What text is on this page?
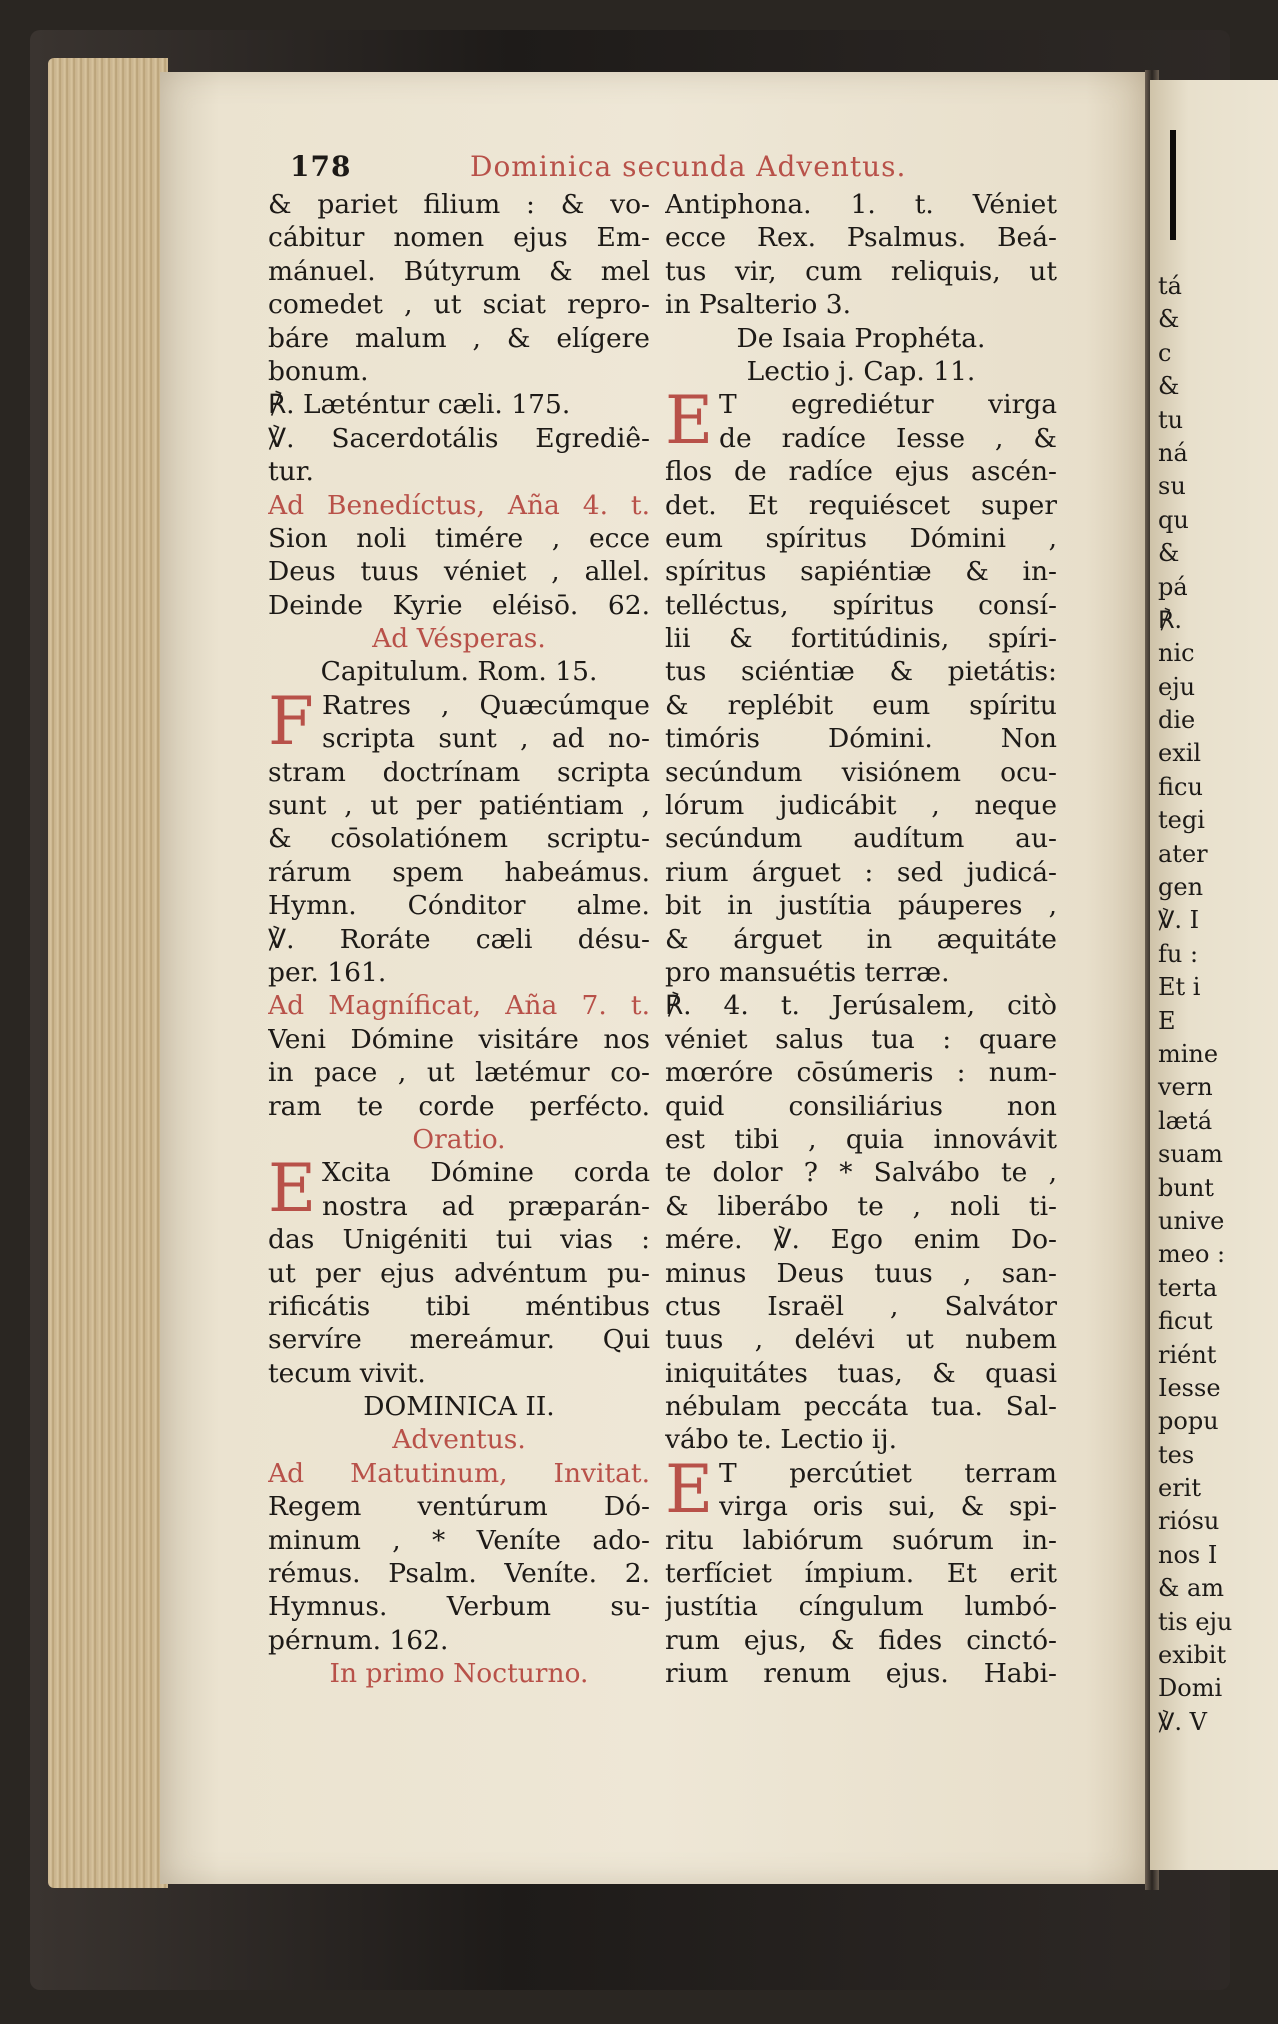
tá
&
c
&
tu
ná
su
qu
&
pá
℟.
nic
eju
die
exil
ficu
tegi
ater
gen
℣. I
fu :
Et i
E
mine
vern
lætá
suam
bunt
unive
meo :
terta
ficut
riént
Iesse
popu
tes
erit
riósu
nos I
& am
tis eju
exibit
Domi
℣. V
178	Dominica secunda Adventus.
& pariet filium : & vo-
cábitur nomen ejus Em-
mánuel. Bútyrum & mel
comedet , ut sciat repro-
báre malum , & elígere
bonum.
℟. Læténtur cæli. 175.
℣. Sacerdotális Egrediê-
tur.
Ad Benedíctus, Aña 4. t.
Sion noli timére , ecce
Deus tuus véniet , allel.
Deinde Kyrie eléisō. 62.
Ad Vésperas.
Capitulum. Rom. 15.
F Ratres , Quæcúmque
scripta sunt , ad no-
stram doctrínam scripta
sunt , ut per patiéntiam ,
& cōsolatiónem scriptu-
rárum spem habeámus.
Hymn. Cónditor alme.
℣. Roráte cæli désu-
per. 161.
Ad Magníficat, Aña 7. t.
Veni Dómine visitáre nos
in pace , ut lætémur co-
ram te corde perfécto.
Oratio.
E Xcita Dómine corda
nostra ad præparán-
das Unigéniti tui vias :
ut per ejus advéntum pu-
rificátis tibi méntibus
servíre mereámur. Qui
tecum vivit.
DOMINICA II.
Adventus.
Ad Matutinum, Invitat.
Regem ventúrum Dó-
minum , * Veníte ado-
rémus. Psalm. Veníte. 2.
Hymnus. Verbum su-
pérnum. 162.
In primo Nocturno.
Antiphona. 1. t. Véniet
ecce Rex. Psalmus. Beá-
tus vir, cum reliquis, ut
in Psalterio 3.
De Isaia Prophéta.
Lectio j. Cap. 11.
E T egrediétur virga
de radíce Iesse , &
flos de radíce ejus ascén-
det. Et requiéscet super
eum spíritus Dómini ,
spíritus sapiéntiæ & in-
telléctus, spíritus consí-
lii & fortitúdinis, spíri-
tus sciéntiæ & pietátis:
& replébit eum spíritu
timóris Dómini. Non
secúndum visiónem ocu-
lórum judicábit , neque
secúndum audítum au-
rium árguet : sed judicá-
bit in justítia páuperes ,
& árguet in æquitáte
pro mansuétis terræ.
℟. 4. t. Jerúsalem, citò
véniet salus tua : quare
mœróre cōsúmeris : num-
quid consiliárius non
est tibi , quia innovávit
te dolor ? * Salvábo te ,
& liberábo te , noli ti-
mére. ℣. Ego enim Do-
minus Deus tuus , san-
ctus Israël , Salvátor
tuus , delévi ut nubem
iniquitátes tuas, & quasi
nébulam peccáta tua. Sal-
vábo te. Lectio ij.
E T percútiet terram
virga oris sui, & spi-
ritu labiórum suórum in-
terfíciet ímpium. Et erit
justítia cíngulum lumbó-
rum ejus, & fides cinctó-
rium renum ejus. Habi-
